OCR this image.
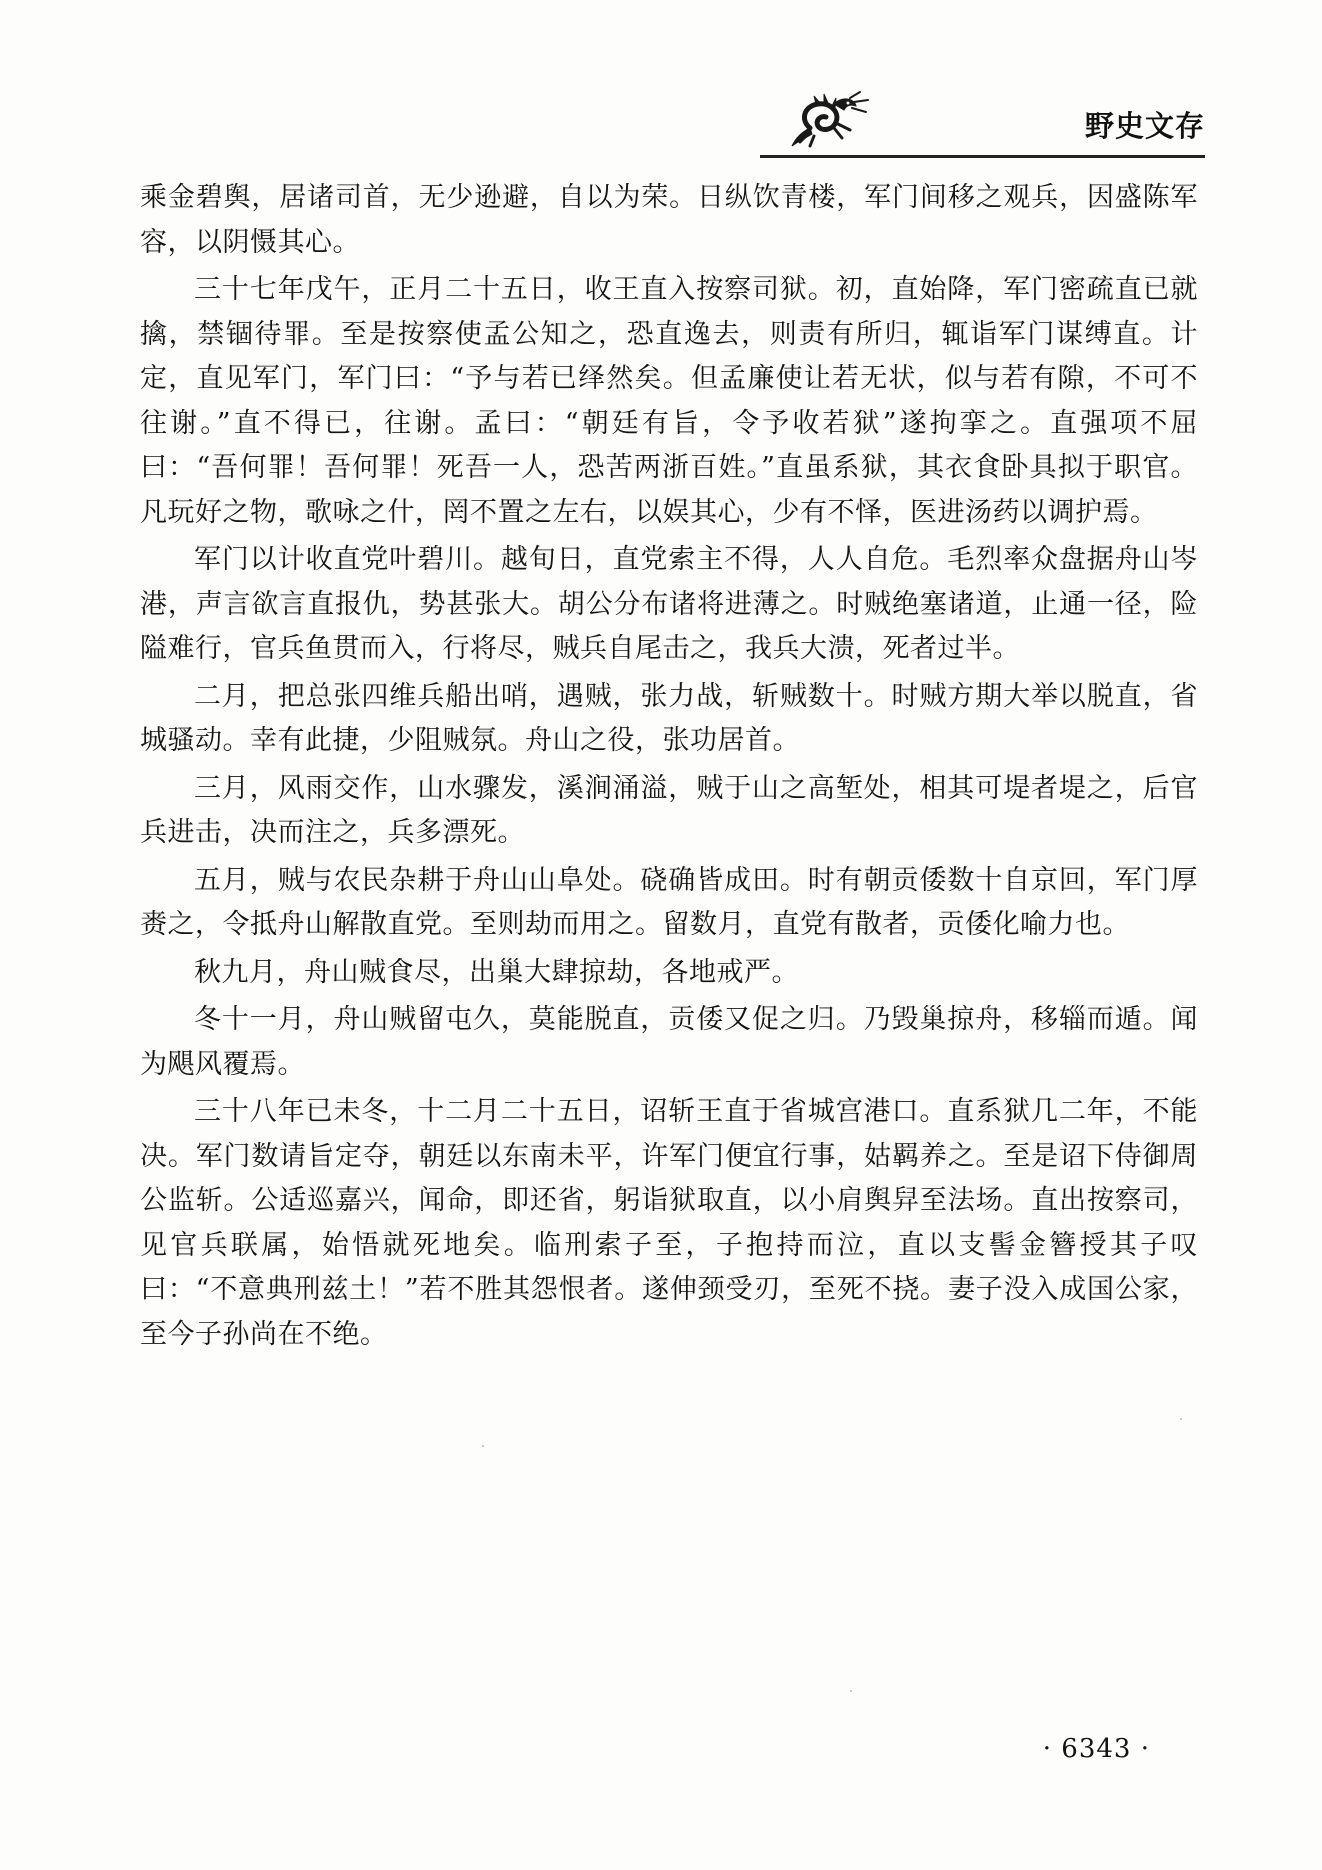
野史文存

乘金碧舆，居诸司首，无少逊避，自以为荣。日纵饮青楼，军门间移之观兵，因盛陈军容，以阴慑其心。

三十七年戊午，正月二十五日，收王直入按察司狱。初，直始降，军门密疏直已就擒，禁锢待罪。至是按察使孟公知之，恐直逸去，则责有所归，辄诣军门谋缚直。计定，直见军门，军门曰：“予与若已绎然矣。但孟廉使让若无状，似与若有隙，不可不往谢。”直不得已，往谢。孟曰：“朝廷有旨，令予收若狱”遂拘挛之。直强项不屈曰：“吾何罪！吾何罪！死吾一人，恐苦两浙百姓。”直虽系狱，其衣食卧具拟于职官。凡玩好之物，歌咏之什，罔不置之左右，以娱其心，少有不怿，医进汤药以调护焉。

军门以计收直党叶碧川。越旬日，直党索主不得，人人自危。毛烈率众盘据舟山岑港，声言欲言直报仇，势甚张大。胡公分布诸将进薄之。时贼绝塞诸道，止通一径，险隘难行，官兵鱼贯而入，行将尽，贼兵自尾击之，我兵大溃，死者过半。

二月，把总张四维兵船出哨，遇贼，张力战，斩贼数十。时贼方期大举以脱直，省城骚动。幸有此捷，少阻贼氛。舟山之役，张功居首。

三月，风雨交作，山水骤发，溪涧涌溢，贼于山之高堑处，相其可堤者堤之，后官兵进击，决而注之，兵多漂死。

五月，贼与农民杂耕于舟山山阜处。硗确皆成田。时有朝贡倭数十自京回，军门厚赉之，令抵舟山解散直党。至则劫而用之。留数月，直党有散者，贡倭化喻力也。

秋九月，舟山贼食尽，出巢大肆掠劫，各地戒严。

冬十一月，舟山贼留屯久，莫能脱直，贡倭又促之归。乃毁巢掠舟，移辎而遁。闻为飓风覆焉。

三十八年已未冬，十二月二十五日，诏斩王直于省城宫港口。直系狱几二年，不能决。军门数请旨定夺，朝廷以东南未平，许军门便宜行事，姑羁养之。至是诏下侍御周公监斩。公适巡嘉兴，闻命，即还省，躬诣狱取直，以小肩舆舁至法场。直出按察司，见官兵联属，始悟就死地矣。临刑索子至，子抱持而泣，直以支髻金簪授其子叹曰：“不意典刑兹土！”若不胜其怨恨者。遂伸颈受刃，至死不挠。妻子没入成国公家，至今子孙尚在不绝。

· 6343 ·
